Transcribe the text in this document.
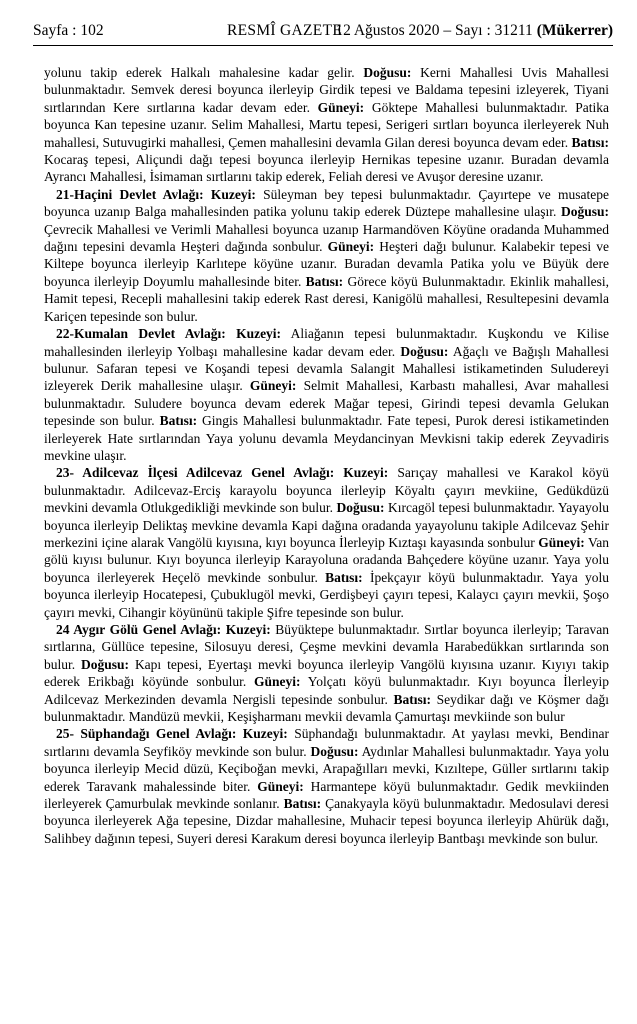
Sayfa : 102	RESMÎ GAZETE
12 Ağustos 2020 – Sayı : 31211 (Mükerrer)

yolunu takip ederek Halkalı mahalesine kadar gelir. Doğusu: Kerni Mahallesi Uvis Mahallesi bulunmaktadır. Semvek deresi boyunca ilerleyip Girdik tepesi ve Baldama tepesini izleyerek, Tiyani sırtlarından Kere sırtlarına kadar devam eder. Güneyi: Göktepe Mahallesi bulunmaktadır. Patika boyunca Kan tepesine uzanır. Selim Mahallesi, Martu tepesi, Serigeri sırtları boyunca ilerleyerek Nuh mahallesi, Sutuvugirki mahallesi, Çemen mahallesini devamla Gilan deresi boyunca devam eder. Batısı: Kocaraş tepesi, Aliçundi dağı tepesi boyunca ilerleyip Hernikas tepesine uzanır. Buradan devamla Ayrancı Mahallesi, İsimaman sırtlarını takip ederek, Feliah deresi ve Avuşor deresine uzanır.

21-Haçini Devlet Avlağı: Kuzeyi: Süleyman bey tepesi bulunmaktadır. Çayırtepe ve musatepe boyunca uzanıp Balga mahallesinden patika yolunu takip ederek Düztepe mahallesine ulaşır. Doğusu: Çevrecik Mahallesi ve Verimli Mahallesi boyunca uzanıp Harmandöven Köyüne oradanda Muhammed dağını tepesini devamla Heşteri dağında sonbulur. Güneyi: Heşteri dağı bulunur. Kalabekir tepesi ve Kiltepe boyunca ilerleyip Karlıtepe köyüne uzanır. Buradan devamla Patika yolu ve Büyük dere boyunca ilerleyip Doyumlu mahallesinde biter. Batısı: Görece köyü Bulunmaktadır. Ekinlik mahallesi, Hamit tepesi, Recepli mahallesini takip ederek Rast deresi, Kanigölü mahallesi, Resultepesini devamla Kariçen tepesinde son bulur.

22-Kumalan Devlet Avlağı: Kuzeyi: Aliağanın tepesi bulunmaktadır. Kuşkondu ve Kilise mahallesinden ilerleyip Yolbaşı mahallesine kadar devam eder. Doğusu: Ağaçlı ve Bağışlı Mahallesi bulunur. Safaran tepesi ve Koşandi tepesi devamla Salangit Mahallesi istikametinden Suludereyi izleyerek Derik mahallesine ulaşır. Güneyi: Selmit Mahallesi, Karbastı mahallesi, Avar mahallesi bulunmaktadır. Suludere boyunca devam ederek Mağar tepesi, Girindi tepesi devamla Gelukan tepesinde son bulur. Batısı: Gingis Mahallesi bulunmaktadır. Fate tepesi, Purok deresi istikametinden ilerleyerek Hate sırtlarından Yaya yolunu devamla Meydancinyan Mevkisni takip ederek Zeyvadiris mevkine ulaşır.

23- Adilcevaz İlçesi Adilcevaz Genel Avlağı: Kuzeyi: Sarıçay mahallesi ve Karakol köyü bulunmaktadır. Adilcevaz-Erciş karayolu boyunca ilerleyip Köyaltı çayırı mevkiine, Gedükdüzü mevkini devamla Otlukgedikliği mevkinde son bulur. Doğusu: Kırcagöl tepesi bulunmaktadır. Yayayolu boyunca ilerleyip Deliktaş mevkine devamla Kapi dağına oradanda yayayolunu takiple Adilcevaz Şehir merkezini içine alarak Vangölü kıyısına, kıyı boyunca İlerleyip Kıztaşı kayasında sonbulur Güneyi: Van gölü kıyısı bulunur. Kıyı boyunca ilerleyip Karayoluna oradanda Bahçedere köyüne uzanır. Yaya yolu boyunca ilerleyerek Heçelö mevkinde sonbulur. Batısı: İpekçayır köyü bulunmaktadır. Yaya yolu boyunca ilerleyip Hocatepesi, Çubuklugöl mevki, Gerdişbeyi çayırı tepesi, Kalaycı çayırı mevkii, Şoşo çayırı mevki, Cihangir köyününü takiple Şifre tepesinde son bulur.

24 Aygır Gölü Genel Avlağı: Kuzeyi: Büyüktepe bulunmaktadır. Sırtlar boyunca ilerleyip; Taravan sırtlarına, Güllüce tepesine, Silosuyu deresi, Çeşme mevkini devamla Harabedükkan sırtlarında son bulur. Doğusu: Kapı tepesi, Eyertaşı mevki boyunca ilerleyip Vangölü kıyısına uzanır. Kıyıyı takip ederek Erikbağı köyünde sonbulur. Güneyi: Yolçatı köyü bulunmaktadır. Kıyı boyunca İlerleyip Adilcevaz Merkezinden devamla Nergisli tepesinde sonbulur. Batısı: Seydikar dağı ve Köşmer dağı bulunmaktadır. Mandüzü mevkii, Keşişharmanı mevkii devamla Çamurtaşı mevkiinde son bulur

25- Süphandağı Genel Avlağı: Kuzeyi: Süphandağı bulunmaktadır. At yaylası mevki, Bendinar sırtlarını devamla Seyfiköy mevkinde son bulur. Doğusu: Aydınlar Mahallesi bulunmaktadır. Yaya yolu boyunca ilerleyip Mecid düzü, Keçiboğan mevki, Arapağılları mevki, Kızıltepe, Güller sırtlarını takip ederek Taravank mahalessinde biter. Güneyi: Harmantepe köyü bulunmaktadır. Gedik mevkiinden ilerleyerek Çamurbulak mevkinde sonlanır. Batısı: Çanakyayla köyü bulunmaktadır. Medosulavi deresi boyunca ilerleyerek Ağa tepesine, Dizdar mahallesine, Muhacir tepesi boyunca ilerleyip Ahürük dağı, Salihbey dağının tepesi, Suyeri deresi Karakum deresi boyunca ilerleyip Bantbaşı mevkinde son bulur.
